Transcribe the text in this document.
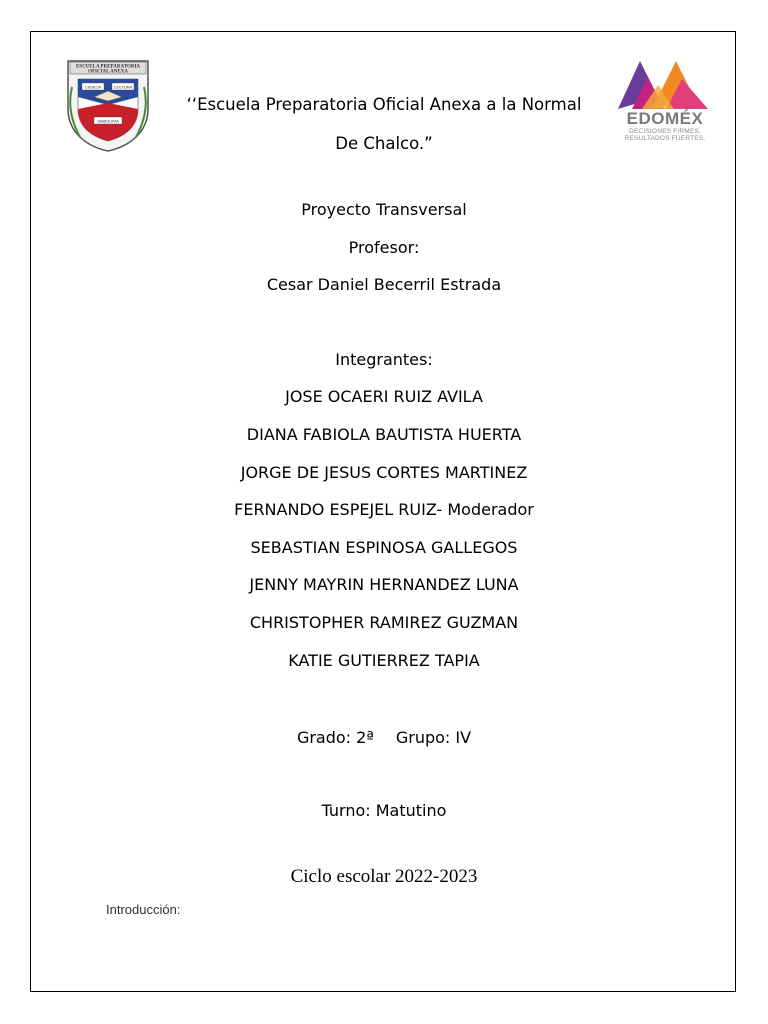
ESCUELA PREPARATORIA
OFICIAL ANEXA
CIENCIA	CULTURA
SABIDURIA	EDOMÉX
DECISIONES FIRMES,
RESULTADOS FUERTES.
‘‘Escuela Preparatoria Oficial Anexa a la Normal
De Chalco.”
Proyecto Transversal
Profesor:
Cesar Daniel Becerril Estrada
Integrantes:
JOSE OCAERI RUIZ AVILA
DIANA FABIOLA BAUTISTA HUERTA
JORGE DE JESUS CORTES MARTINEZ
FERNANDO ESPEJEL RUIZ- Moderador
SEBASTIAN ESPINOSA GALLEGOS
JENNY MAYRIN HERNANDEZ LUNA
CHRISTOPHER RAMIREZ GUZMAN
KATIE GUTIERREZ TAPIA
Grado: 2ª Grupo: IV
Turno: Matutino
Ciclo escolar 2022-2023
Introducción:
